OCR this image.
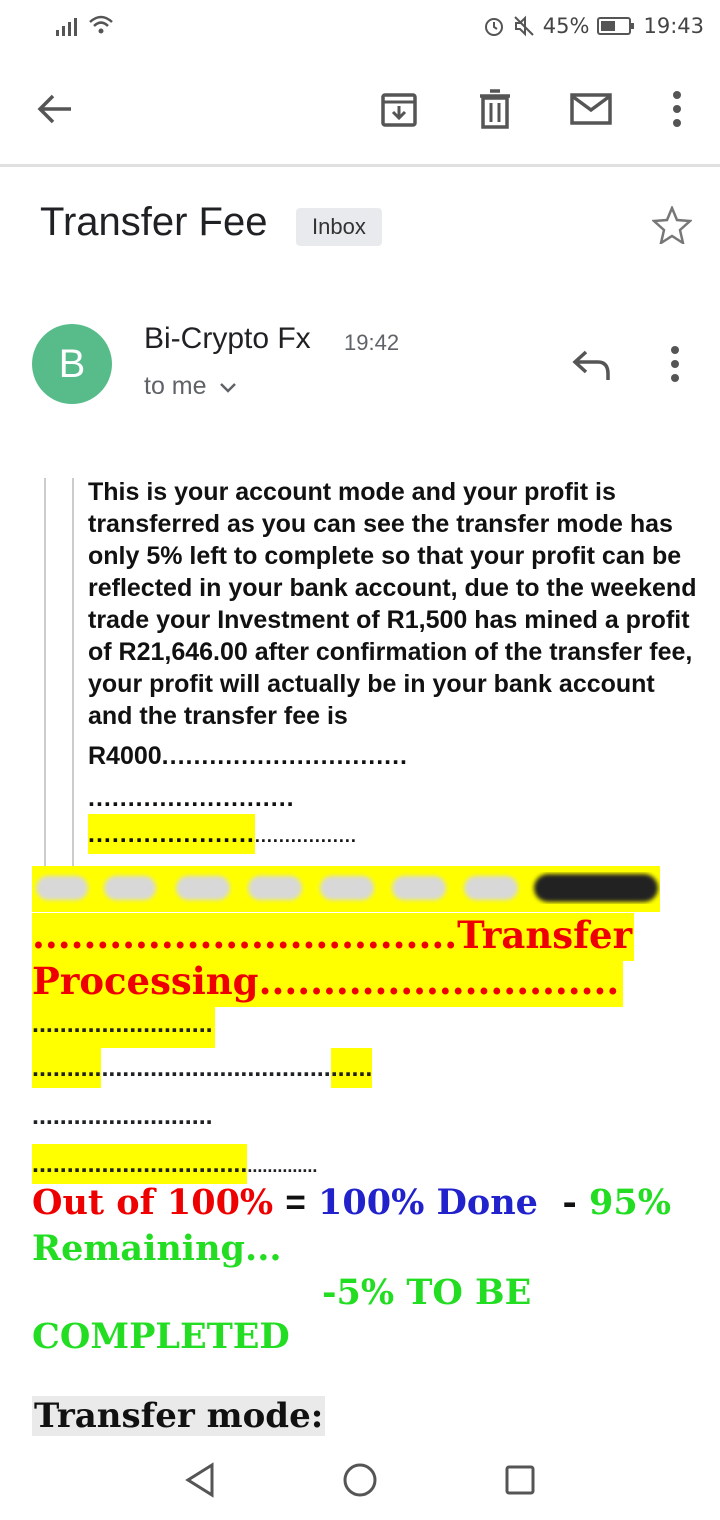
45%	19:43
Transfer Fee	Inbox
B
Bi-Crypto Fx 19:42
to me
This is your account mode and your profit is transferred as you can see the transfer mode has only 5% left to complete so that your profit can be reflected in your bank account, due to the weekend trade your Investment of R1,500 has mined a profit of R21,646.00 after confirmation of the transfer fee, your profit will actually be in your bank account and the transfer fee is
R4000...............................
..........................
......................................
.................................Transfer
Processing............................
..........................
.................................................
..........................
.............................................
Out of 100% = 100% Done - 95% Remaining...
-5% TO BE
COMPLETED
Transfer mode:
